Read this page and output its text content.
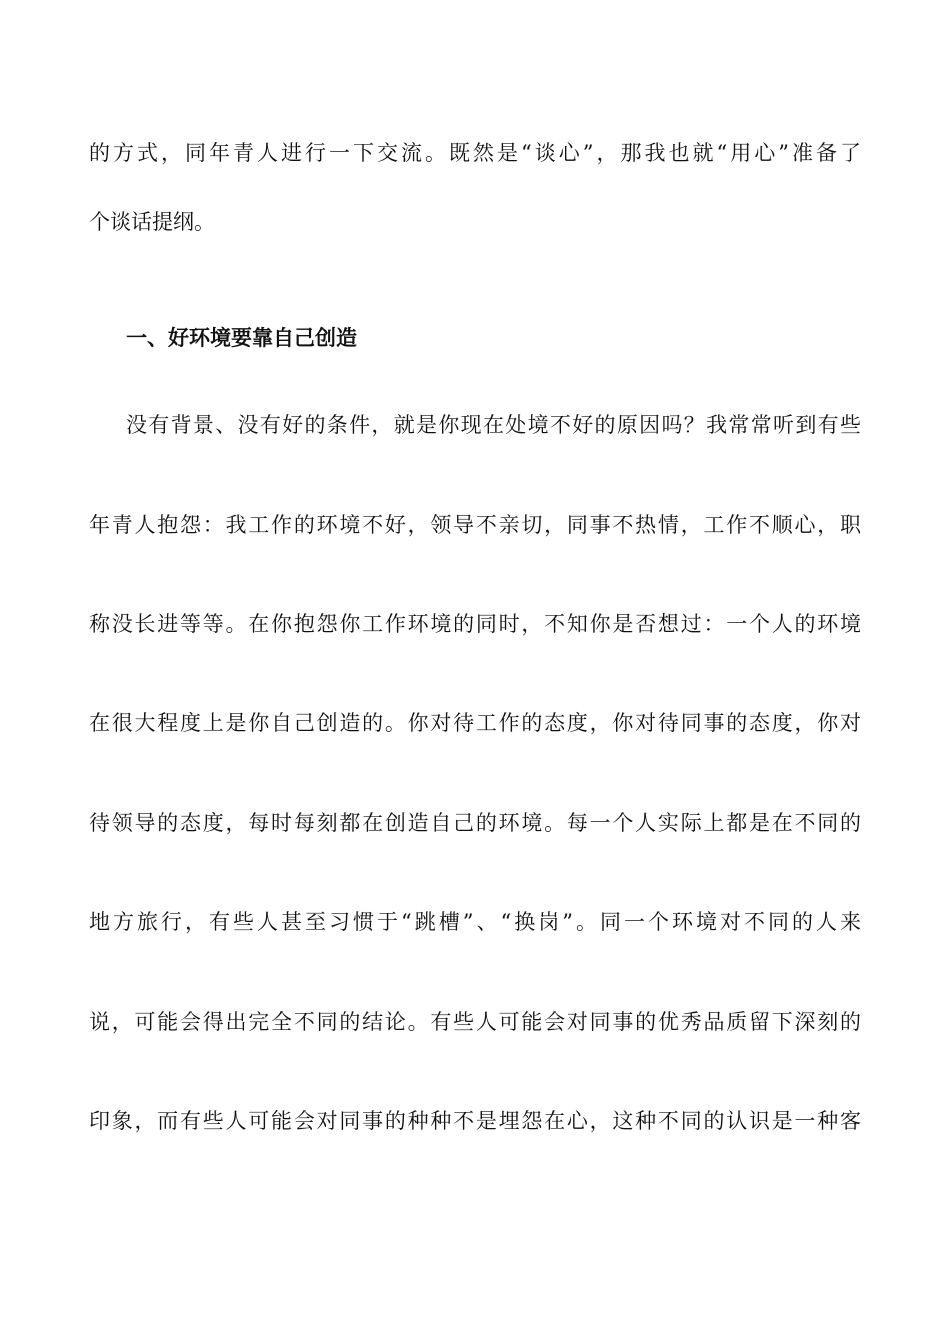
的方式，同年青人进行一下交流。既然是“谈心”，那我也就“用心”准备了
个谈话提纲。
一、好环境要靠自己创造
没有背景、没有好的条件，就是你现在处境不好的原因吗？我常常听到有些
年青人抱怨：我工作的环境不好，领导不亲切，同事不热情，工作不顺心，职
称没长进等等。在你抱怨你工作环境的同时，不知你是否想过：一个人的环境
在很大程度上是你自己创造的。你对待工作的态度，你对待同事的态度，你对
待领导的态度，每时每刻都在创造自己的环境。每一个人实际上都是在不同的
地方旅行，有些人甚至习惯于“跳槽”、“换岗”。同一个环境对不同的人来
说，可能会得出完全不同的结论。有些人可能会对同事的优秀品质留下深刻的
印象，而有些人可能会对同事的种种不是埋怨在心，这种不同的认识是一种客
